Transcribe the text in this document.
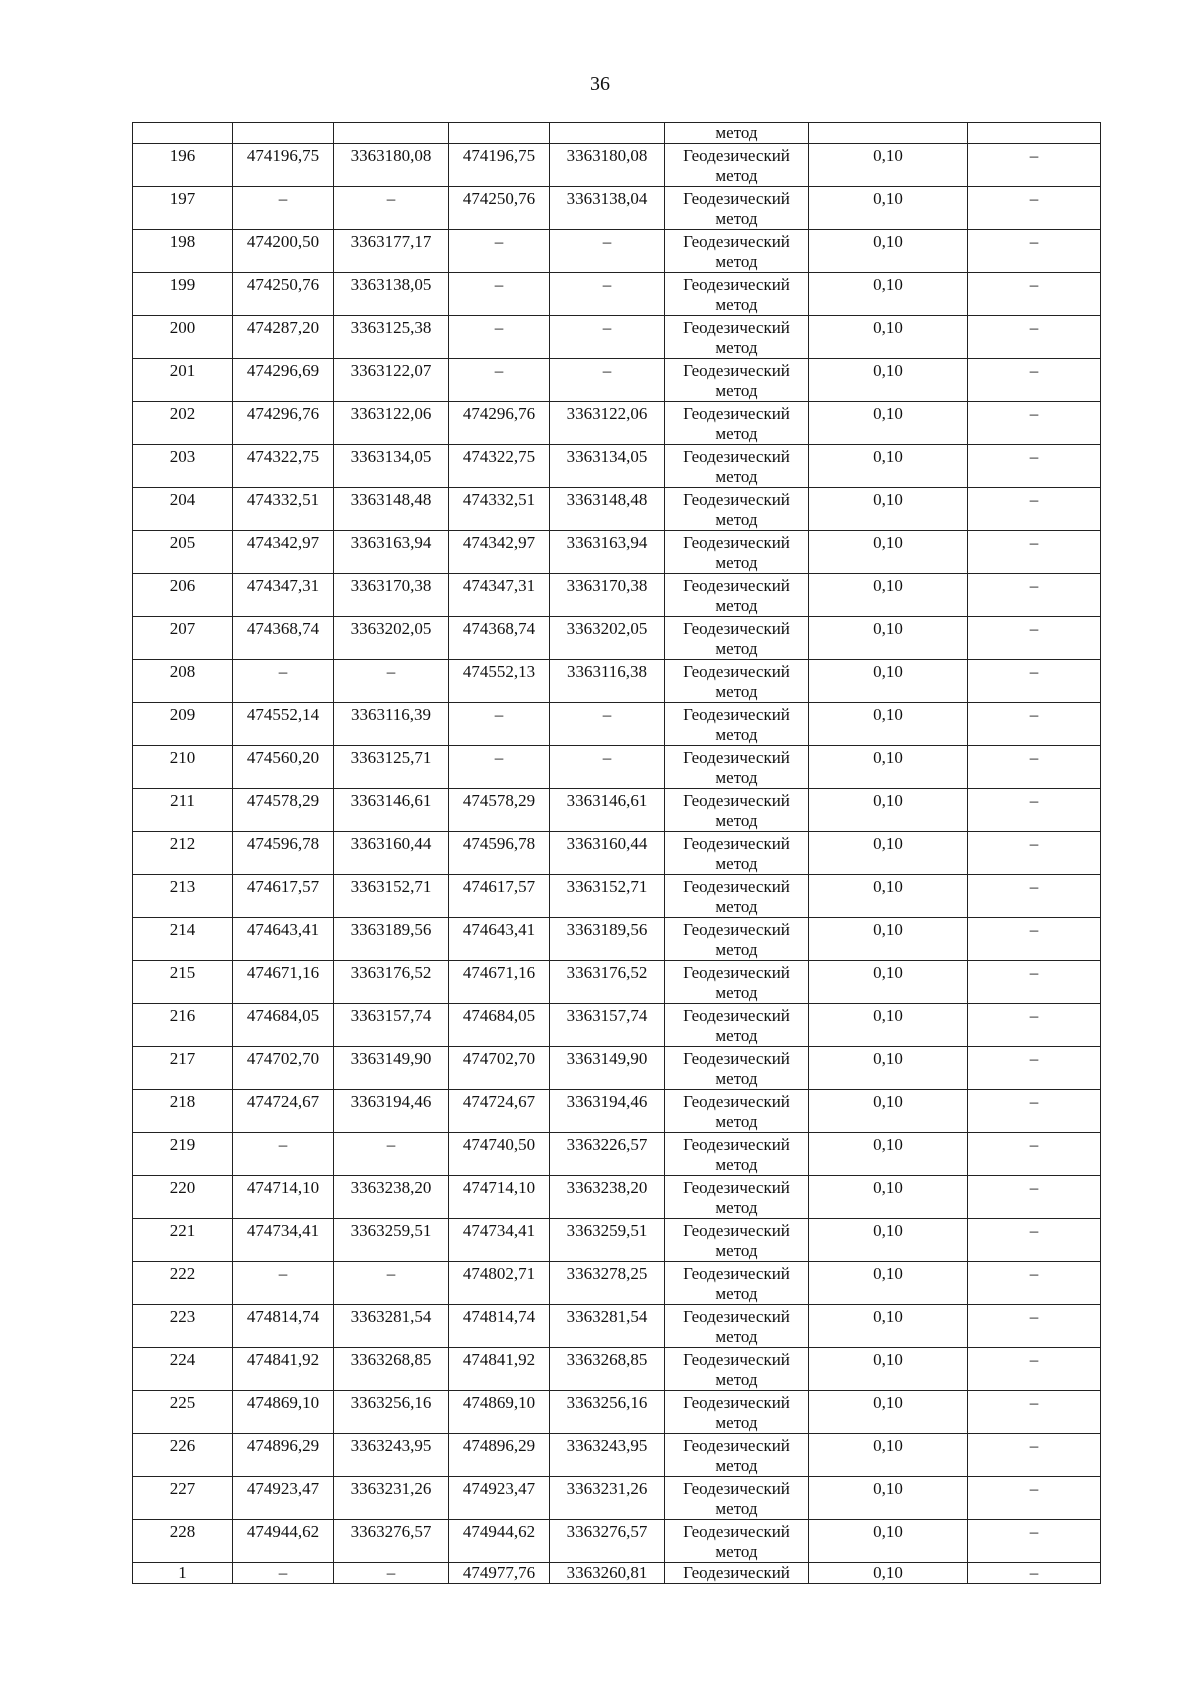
36

					метод		

196	474196,75	3363180,08	474196,75	3363180,08	Геодезический
метод	0,10	–

197	–	–	474250,76	3363138,04	Геодезический
метод	0,10	–

198	474200,50	3363177,17	–	–	Геодезический
метод	0,10	–

199	474250,76	3363138,05	–	–	Геодезический
метод	0,10	–

200	474287,20	3363125,38	–	–	Геодезический
метод	0,10	–

201	474296,69	3363122,07	–	–	Геодезический
метод	0,10	–

202	474296,76	3363122,06	474296,76	3363122,06	Геодезический
метод	0,10	–

203	474322,75	3363134,05	474322,75	3363134,05	Геодезический
метод	0,10	–

204	474332,51	3363148,48	474332,51	3363148,48	Геодезический
метод	0,10	–

205	474342,97	3363163,94	474342,97	3363163,94	Геодезический
метод	0,10	–

206	474347,31	3363170,38	474347,31	3363170,38	Геодезический
метод	0,10	–

207	474368,74	3363202,05	474368,74	3363202,05	Геодезический
метод	0,10	–

208	–	–	474552,13	3363116,38	Геодезический
метод	0,10	–

209	474552,14	3363116,39	–	–	Геодезический
метод	0,10	–

210	474560,20	3363125,71	–	–	Геодезический
метод	0,10	–

211	474578,29	3363146,61	474578,29	3363146,61	Геодезический
метод	0,10	–

212	474596,78	3363160,44	474596,78	3363160,44	Геодезический
метод	0,10	–

213	474617,57	3363152,71	474617,57	3363152,71	Геодезический
метод	0,10	–

214	474643,41	3363189,56	474643,41	3363189,56	Геодезический
метод	0,10	–

215	474671,16	3363176,52	474671,16	3363176,52	Геодезический
метод	0,10	–

216	474684,05	3363157,74	474684,05	3363157,74	Геодезический
метод	0,10	–

217	474702,70	3363149,90	474702,70	3363149,90	Геодезический
метод	0,10	–

218	474724,67	3363194,46	474724,67	3363194,46	Геодезический
метод	0,10	–

219	–	–	474740,50	3363226,57	Геодезический
метод	0,10	–

220	474714,10	3363238,20	474714,10	3363238,20	Геодезический
метод	0,10	–

221	474734,41	3363259,51	474734,41	3363259,51	Геодезический
метод	0,10	–

222	–	–	474802,71	3363278,25	Геодезический
метод	0,10	–

223	474814,74	3363281,54	474814,74	3363281,54	Геодезический
метод	0,10	–

224	474841,92	3363268,85	474841,92	3363268,85	Геодезический
метод	0,10	–

225	474869,10	3363256,16	474869,10	3363256,16	Геодезический
метод	0,10	–

226	474896,29	3363243,95	474896,29	3363243,95	Геодезический
метод	0,10	–

227	474923,47	3363231,26	474923,47	3363231,26	Геодезический
метод	0,10	–

228	474944,62	3363276,57	474944,62	3363276,57	Геодезический
метод	0,10	–

1	–	–	474977,76	3363260,81	Геодезический	0,10	–
